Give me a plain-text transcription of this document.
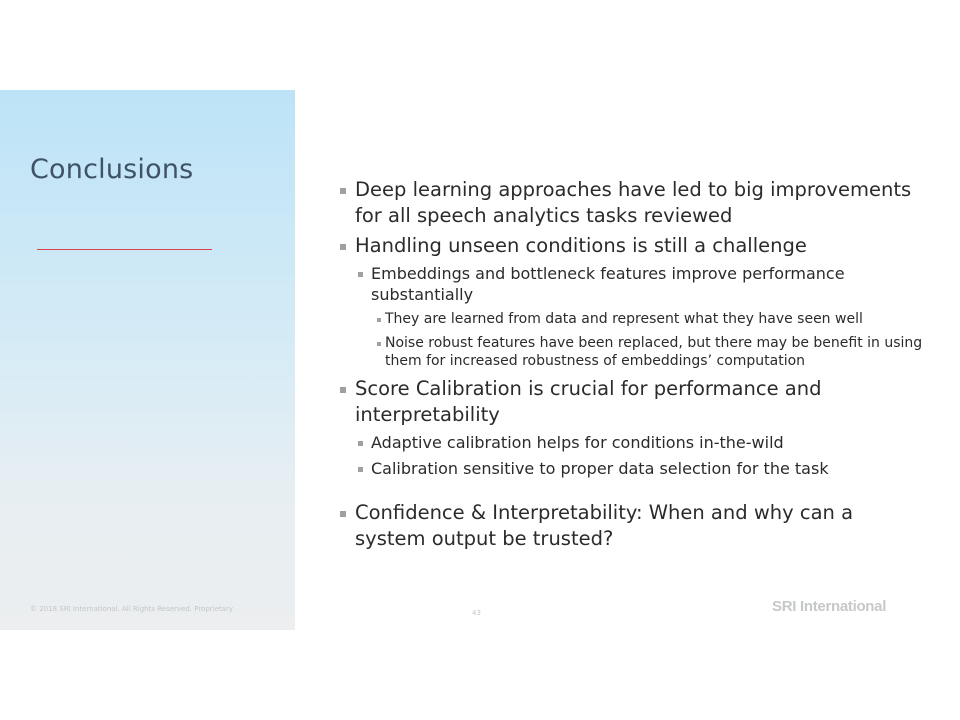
Conclusions

Deep learning approaches have led to big improvements for all speech analytics tasks reviewed

Handling unseen conditions is still a challenge

Embeddings and bottleneck features improve performance substantially

They are learned from data and represent what they have seen well

Noise robust features have been replaced, but there may be benefit in using them for increased robustness of embeddings’ computation

Score Calibration is crucial for performance and interpretability

Adaptive calibration helps for conditions in-the-wild

Calibration sensitive to proper data selection for the task

Confidence & Interpretability: When and why can a system output be trusted?

© 2018 SRI International. All Rights Reserved. Proprietary	43	SRI International
